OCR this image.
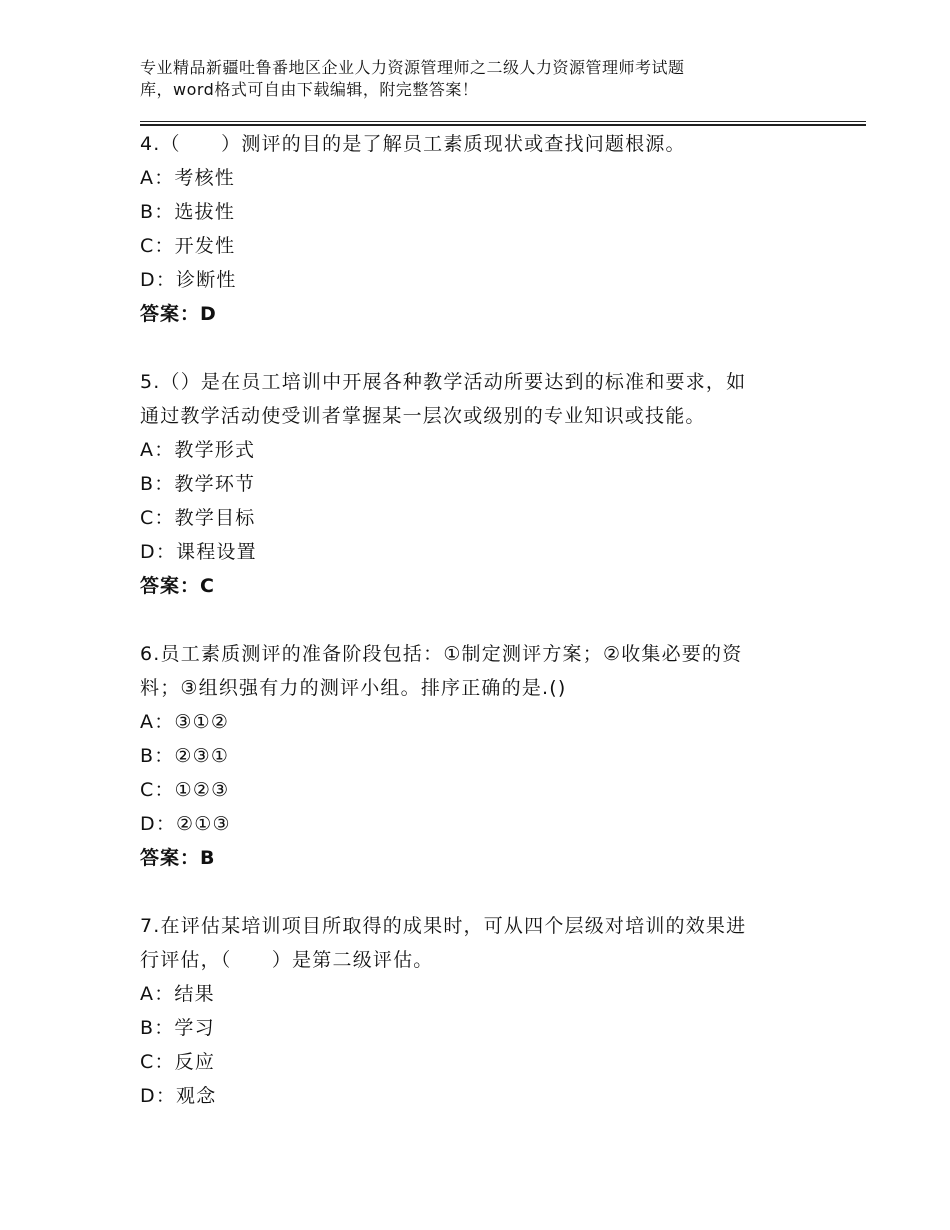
专业精品新疆吐鲁番地区企业人力资源管理师之二级人力资源管理师考试题
库，word格式可自由下载编辑，附完整答案！

4.（　　）测评的目的是了解员工素质现状或查找问题根源。

A：考核性

B：选拔性

C：开发性

D：诊断性

答案：D

5.（）是在员工培训中开展各种教学活动所要达到的标准和要求，如

通过教学活动使受训者掌握某一层次或级别的专业知识或技能。

A：教学形式

B：教学环节

C：教学目标

D：课程设置

答案：C

6.员工素质测评的准备阶段包括：①制定测评方案；②收集必要的资

料；③组织强有力的测评小组。排序正确的是.()

A：③①②

B：②③①

C：①②③

D：②①③

答案：B

7.在评估某培训项目所取得的成果时，可从四个层级对培训的效果进

行评估，（　　）是第二级评估。

A：结果

B：学习

C：反应

D：观念
